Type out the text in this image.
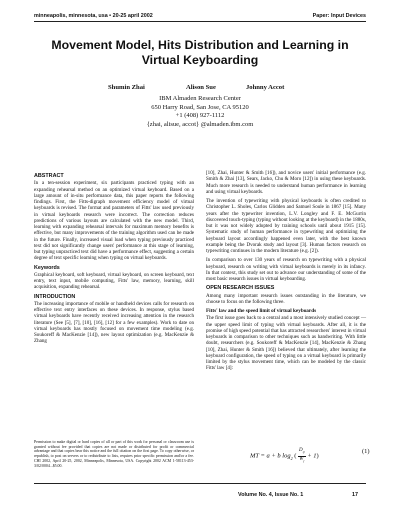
minneapolis, minnesota, usa • 20-25 april 2002	Paper: Input Devices
Movement Model, Hits Distribution and Learning in Virtual Keyboarding
Shumin Zhai	Alison Sue	Johnny Accot
IBM Almaden Research Center
650 Harry Road, San Jose, CA 95120
+1 (408) 927-1112
{zhai, alisue, accot} @almaden.ibm.com
ABSTRACT

In a ten-session experiment, six participants practiced typing with an expanding rehearsal method on an optimized virtual keyboard. Based on a large amount of in-situ performance data, this paper reports the following findings. First, the Fitts-digraph movement efficiency model of virtual keyboards is revised. The format and parameters of Fitts' law used previously in virtual keyboards research were incorrect. The correction reduces predictions of various layouts are calculated with the new model. Third, learning with expanding rehearsal intervals for maximum memory benefits is effective, but many improvements of the training algorithm used can be made in the future. Finally, increased visual load when typing previously practiced text did not significantly change users' performance at this stage of learning, but typing unpracticed text did have a performance effect, suggesting a certain degree of text specific learning when typing on virtual keyboards.

Keywords

Graphical keyboard, soft keyboard, virtual keyboard, on screen keyboard, text entry, text input, mobile computing, Fitts' law, memory, learning, skill acquisition, expanding rehearsal.

INTRODUCTION

The increasing importance of mobile or handheld devices calls for research on effective text entry interfaces on these devices. In response, stylus based virtual keyboards have recently received increasing attention in the research literature (See [5], [7], [10], [16], [12] for a few examples). Work to date on virtual keyboards has mostly focused on movement time modeling (e.g. Soukoreff & MacKenzie [14]), new layout optimization (e.g. MacKenzie & Zhang

Permission to make digital or hard copies of all or part of this work for personal or classroom use is granted without fee provided that copies are not made or distributed for profit or commercial advantage and that copies bear this notice and the full citation on the first page. To copy otherwise, or republish, to post on servers or to redistribute to lists, requires prior specific permission and/or a fee. CHI 2002, April 20-25, 2002, Minneapolis, Minnesota, USA. Copyright 2002 ACM 1-58113-453-3/02/0004...$5.00.

[10], Zhai, Hunter & Smith [16]), and novice users' initial performance (e.g. Smith & Zhai [13], Sears, Jacko, Chu & Moro [12]) in using these keyboards. Much more research is needed to understand human performance in learning and using virtual keyboards.

The invention of typewriting with physical keyboards is often credited to Christopher L. Sholes, Carlos Glidden and Samuel Soule in 1867 [15]. Many years after the typewriter invention, L.V. Longley and F. E. McGurrin discovered touch-typing (typing without looking at the keyboard) in the 1880s, but it was not widely adopted by training schools until about 1915 [15]. Systematic study of human performance in typewriting and optimizing the keyboard layout accordingly happened even later, with the best known example being the Dvorak study and layout [3]. Human factors research on typewriting continues in the modern literature (e.g. [2]).

In comparison to over 130 years of research on typewriting with a physical keyboard, research on writing with virtual keyboards is merely in its infancy. In that context, this study set out to advance our understanding of some of the most basic research issues in virtual keyboarding.

OPEN RESEARCH ISSUES

Among many important research issues outstanding in the literature, we choose to focus on the following three.

Fitts' law and the speed limit of virtual keyboards

The first issue goes back to a central and a most intensively studied concept — the upper speed limit of typing with virtual keyboards. After all, it is the promise of high speed potential that has attracted researchers' interest in virtual keyboards in comparison to other techniques such as handwriting. With little doubt, researchers (e.g. Soukoreff & MacKenzie [14], MacKenzie & Zhang [10], Zhai, Hunter & Smith [16]) believed that ultimately, after learning the keyboard configuration, the speed of typing on a virtual keyboard is primarily limited by the stylus movement time, which can be modeled by the classic Fitts' law [4]:

MT = a + b $\log_2$ ( $\frac{D_{ij}}{W_j} + 1$)
(1)
Volume No. 4, Issue No. 1	17
